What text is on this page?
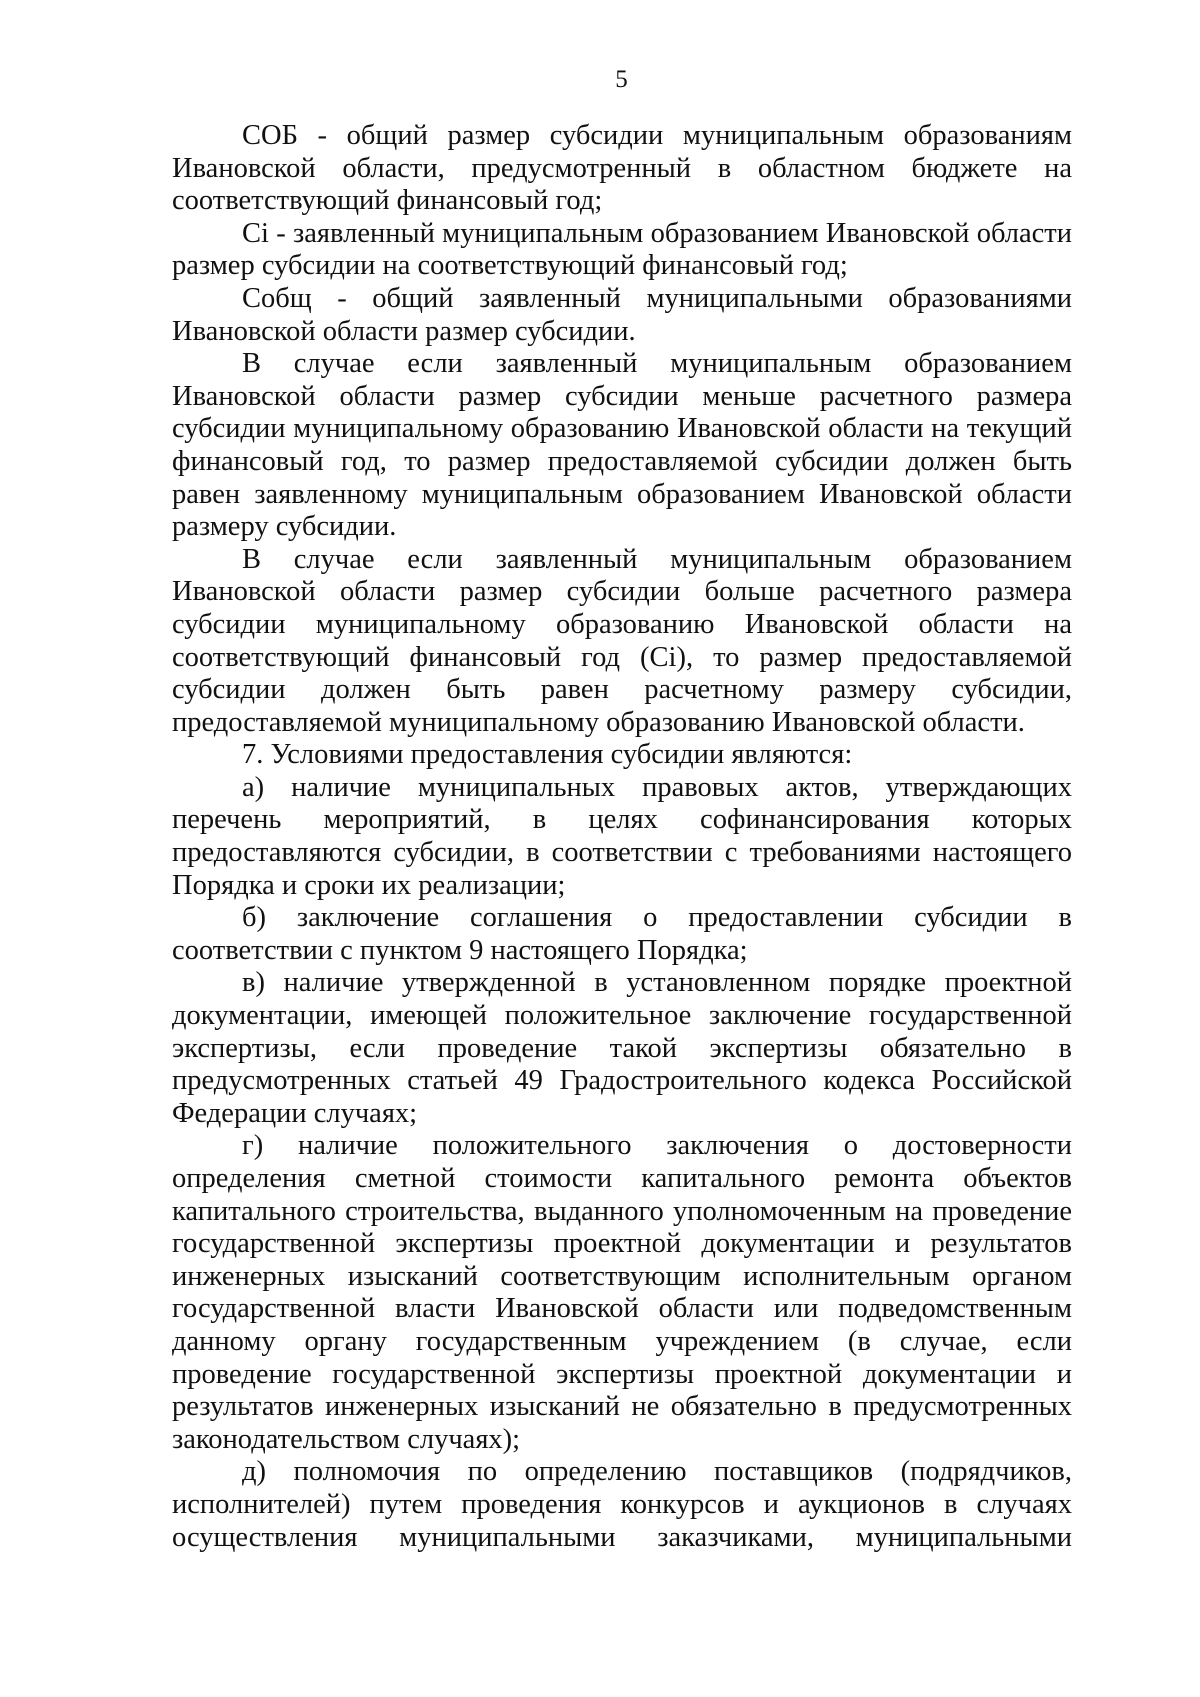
5

СОБ - общий размер субсидии муниципальным образованиям Ивановской области, предусмотренный в областном бюджете на соответствующий финансовый год;

Ci - заявленный муниципальным образованием Ивановской области размер субсидии на соответствующий финансовый год;

Собщ - общий заявленный муниципальными образованиями Ивановской области размер субсидии.

В случае если заявленный муниципальным образованием Ивановской области размер субсидии меньше расчетного размера субсидии муниципальному образованию Ивановской области на текущий финансовый год, то размер предоставляемой субсидии должен быть равен заявленному муниципальным образованием Ивановской области размеру субсидии.

В случае если заявленный муниципальным образованием Ивановской области размер субсидии больше расчетного размера субсидии муниципальному образованию Ивановской области на соответствующий финансовый год (Ci), то размер предоставляемой субсидии должен быть равен расчетному размеру субсидии, предоставляемой муниципальному образованию Ивановской области.

7. Условиями предоставления субсидии являются:

а) наличие муниципальных правовых актов, утверждающих перечень мероприятий, в целях софинансирования которых предоставляются субсидии, в соответствии с требованиями настоящего Порядка и сроки их реализации;

б) заключение соглашения о предоставлении субсидии в соответствии с пунктом 9 настоящего Порядка;

в) наличие утвержденной в установленном порядке проектной документации, имеющей положительное заключение государственной экспертизы, если проведение такой экспертизы обязательно в предусмотренных статьей 49 Градостроительного кодекса Российской Федерации случаях;

г) наличие положительного заключения о достоверности определения сметной стоимости капитального ремонта объектов капитального строительства, выданного уполномоченным на проведение государственной экспертизы проектной документации и результатов инженерных изысканий соответствующим исполнительным органом государственной власти Ивановской области или подведомственным данному органу государственным учреждением (в случае, если проведение государственной экспертизы проектной документации и результатов инженерных изысканий не обязательно в предусмотренных законодательством случаях);

д) полномочия по определению поставщиков (подрядчиков, исполнителей) путем проведения конкурсов и аукционов в случаях осуществления муниципальными заказчиками, муниципальными
